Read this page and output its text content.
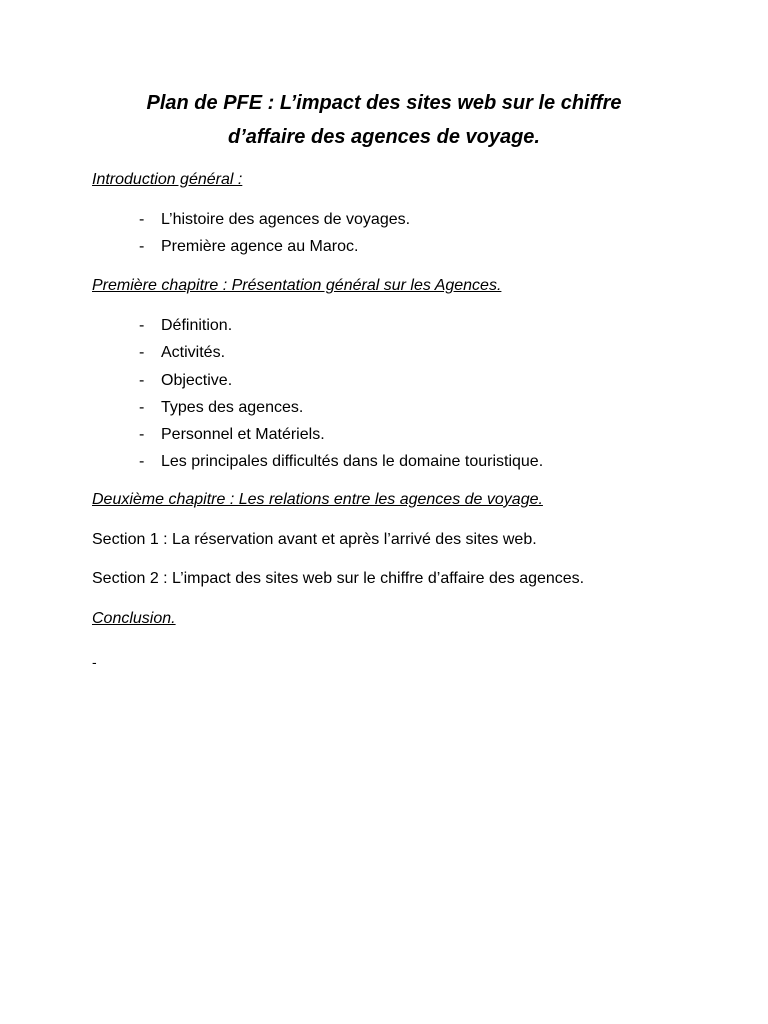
Plan de PFE : L’impact des sites web sur le chiffre
d’affaire des agences de voyage.

Introduction général :

- L’histoire des agences de voyages.
- Première agence au Maroc.

Première chapitre : Présentation général sur les Agences.

- Définition.
- Activités.
- Objective.
- Types des agences.
- Personnel et Matériels.
- Les principales difficultés dans le domaine touristique.

Deuxième chapitre : Les relations entre les agences de voyage.

Section 1 : La réservation avant et après l’arrivé des sites web.

Section 2 : L’impact des sites web sur le chiffre d’affaire des agences.

Conclusion.

-
